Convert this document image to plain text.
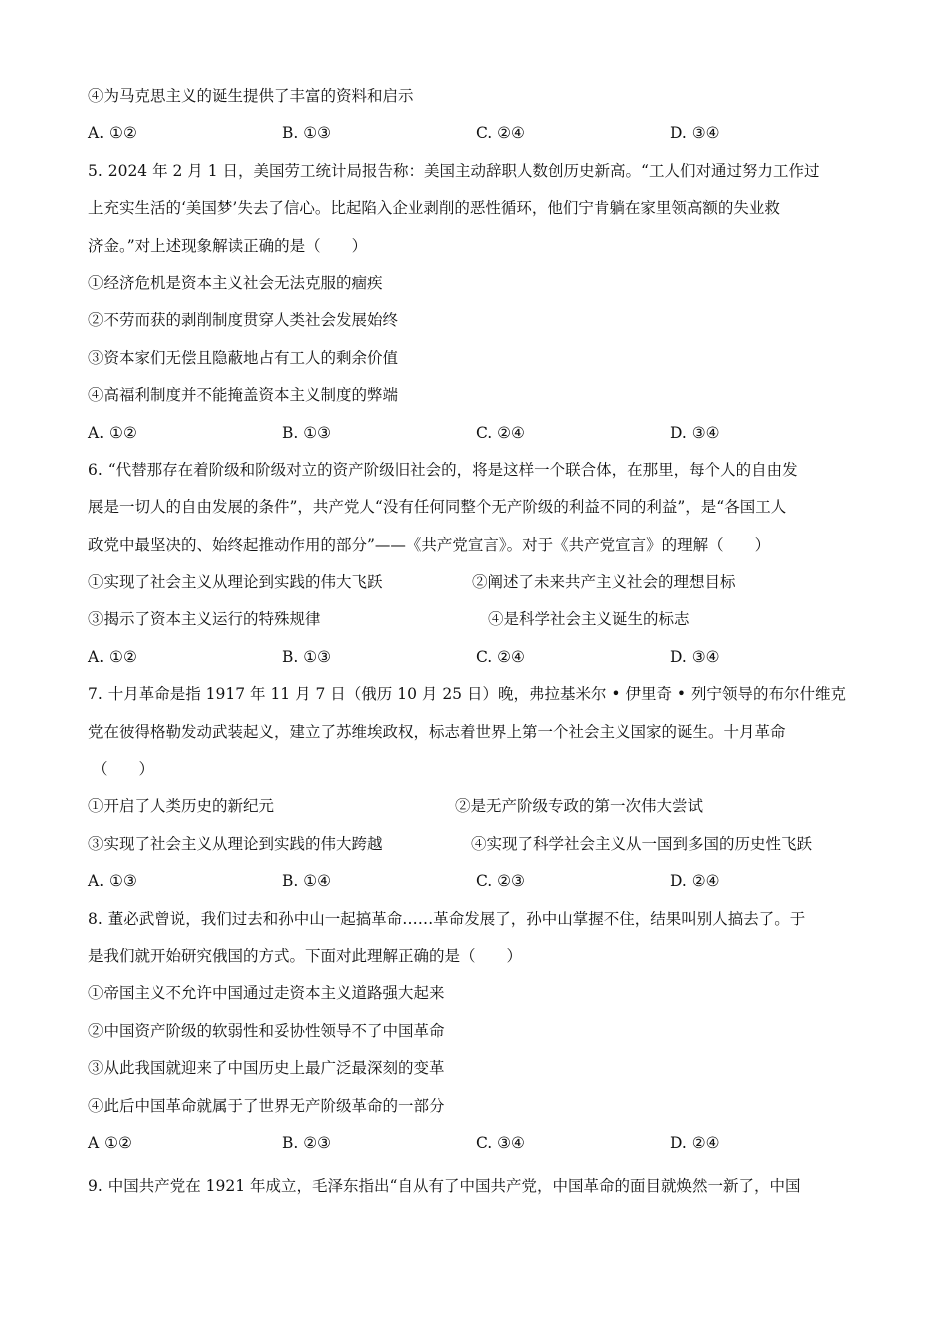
④为马克思主义的诞生提供了丰富的资料和启示
A. ①②	B. ①③	C. ②④	D. ③④
5. 2024 年 2 月 1 日，美国劳工统计局报告称：美国主动辞职人数创历史新高。“工人们对通过努力工作过
上充实生活的‘美国梦’失去了信心。比起陷入企业剥削的恶性循环，他们宁肯躺在家里领高额的失业救
济金。”对上述现象解读正确的是（　　）
①经济危机是资本主义社会无法克服的痼疾
②不劳而获的剥削制度贯穿人类社会发展始终
③资本家们无偿且隐蔽地占有工人的剩余价值
④高福利制度并不能掩盖资本主义制度的弊端
A. ①②	B. ①③	C. ②④	D. ③④
6. “代替那存在着阶级和阶级对立的资产阶级旧社会的，将是这样一个联合体，在那里，每个人的自由发
展是一切人的自由发展的条件”，共产党人“没有任何同整个无产阶级的利益不同的利益”，是“各国工人
政党中最坚决的、始终起推动作用的部分”——《共产党宣言》。对于《共产党宣言》的理解（　　）
①实现了社会主义从理论到实践的伟大飞跃	②阐述了未来共产主义社会的理想目标
③揭示了资本主义运行的特殊规律	④是科学社会主义诞生的标志
A. ①②	B. ①③	C. ②④	D. ③④
7. 十月革命是指 1917 年 11 月 7 日（俄历 10 月 25 日）晚，弗拉基米尔 • 伊里奇 • 列宁领导的布尔什维克
党在彼得格勒发动武装起义，建立了苏维埃政权，标志着世界上第一个社会主义国家的诞生。十月革命
（　　）
①开启了人类历史的新纪元	②是无产阶级专政的第一次伟大尝试
③实现了社会主义从理论到实践的伟大跨越	④实现了科学社会主义从一国到多国的历史性飞跃
A. ①③	B. ①④	C. ②③	D. ②④
8. 董必武曾说，我们过去和孙中山一起搞革命……革命发展了，孙中山掌握不住，结果叫别人搞去了。于
是我们就开始研究俄国的方式。下面对此理解正确的是（　　）
①帝国主义不允许中国通过走资本主义道路强大起来
②中国资产阶级的软弱性和妥协性领导不了中国革命
③从此我国就迎来了中国历史上最广泛最深刻的变革
④此后中国革命就属于了世界无产阶级革命的一部分
A ①②	B. ②③	C. ③④	D. ②④
9. 中国共产党在 1921 年成立，毛泽东指出“自从有了中国共产党，中国革命的面目就焕然一新了，中国
